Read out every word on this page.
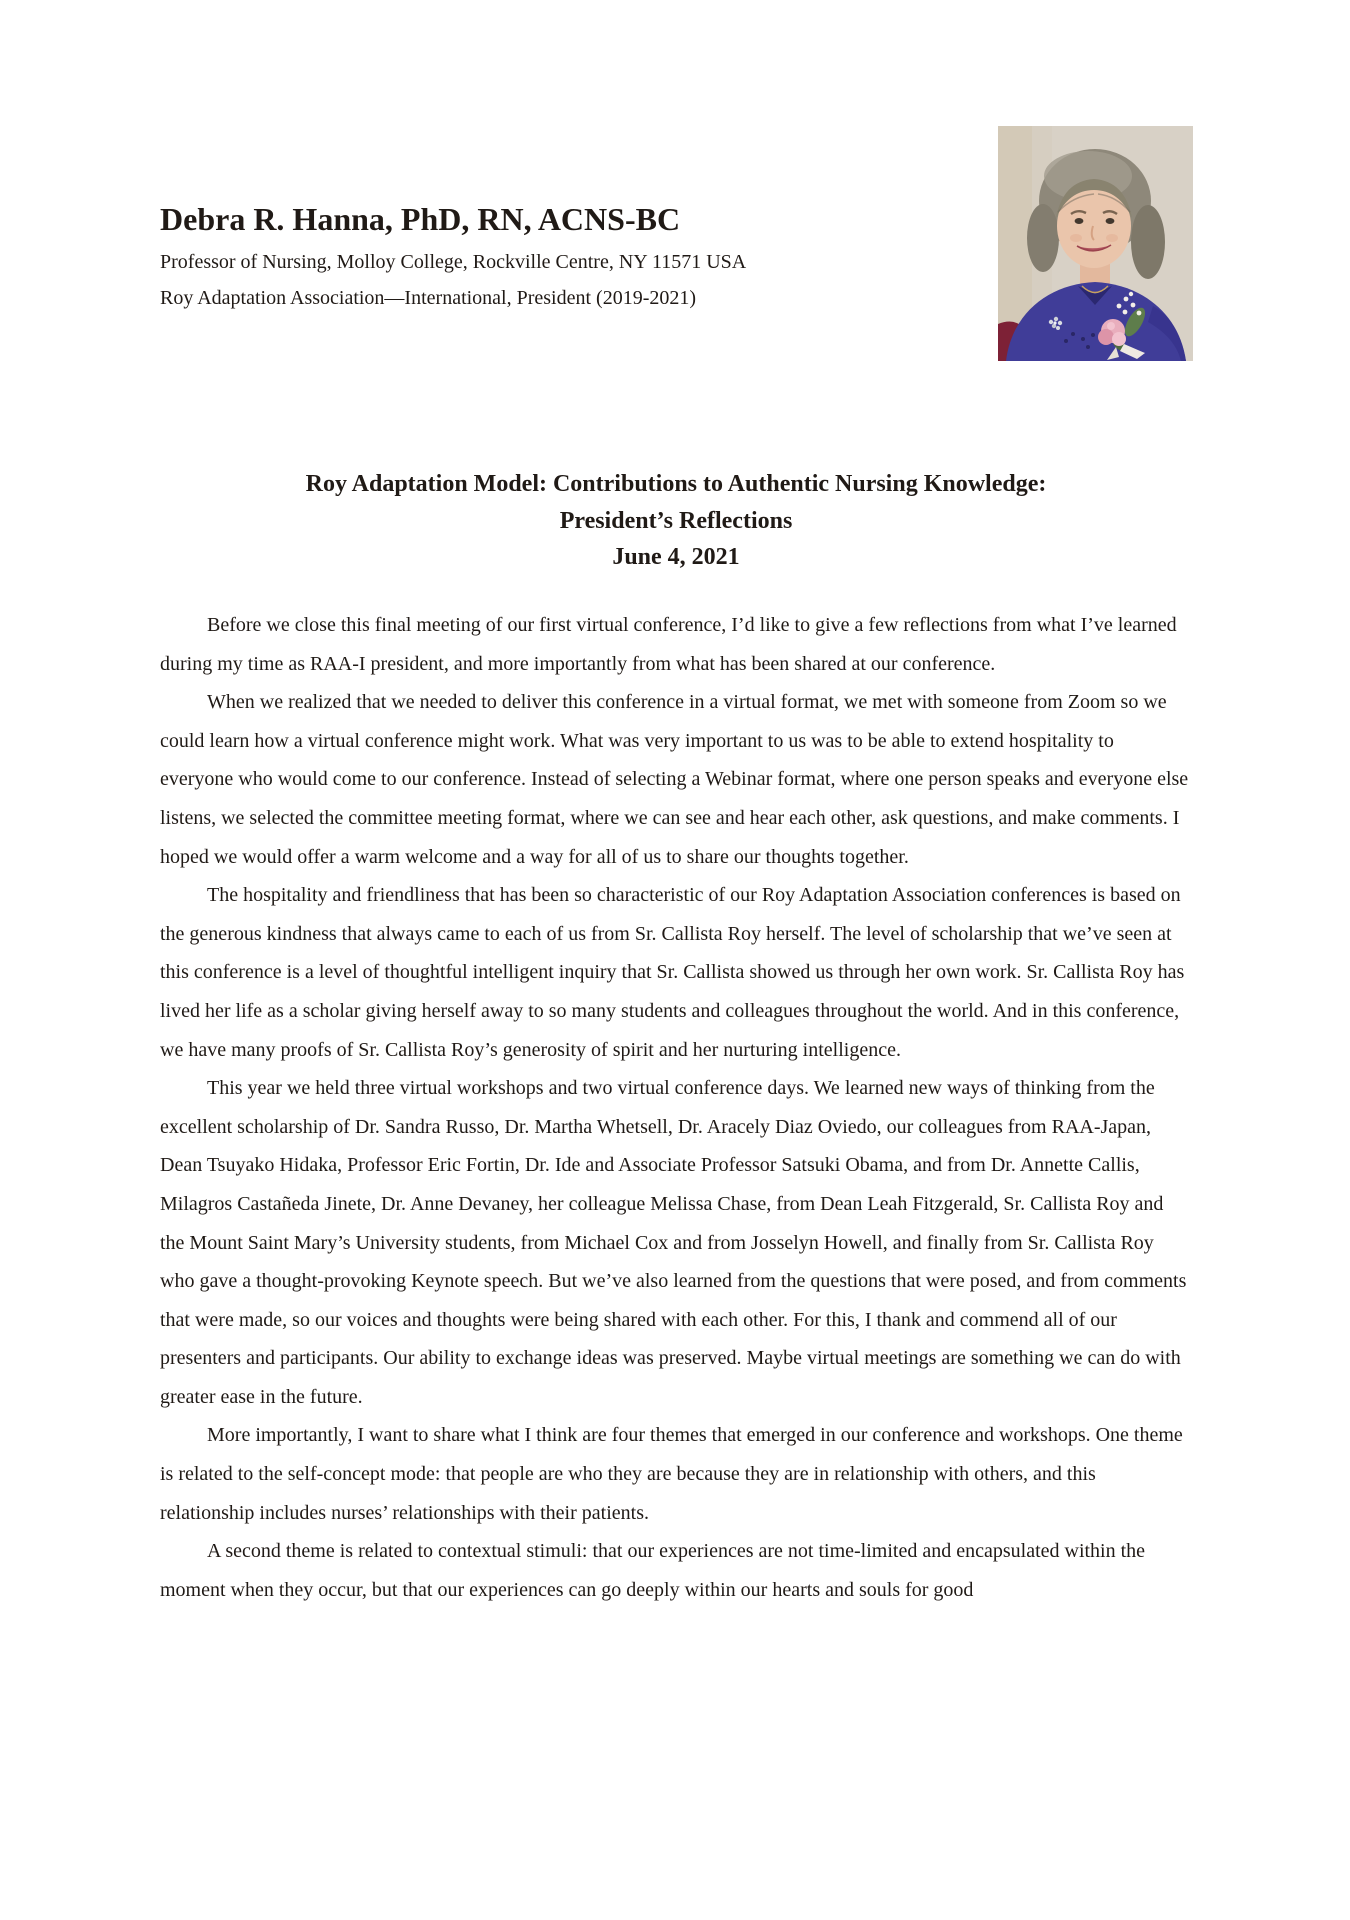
Debra R. Hanna, PhD, RN, ACNS-BC

Professor of Nursing, Molloy College, Rockville Centre, NY 11571 USA

Roy Adaptation Association—International, President (2019-2021)

Roy Adaptation Model: Contributions to Authentic Nursing Knowledge:
President’s Reflections
June 4, 2021

Before we close this final meeting of our first virtual conference, I’d like to give a few reflections from what I’ve learned during my time as RAA-I president, and more importantly from what has been shared at our conference.

When we realized that we needed to deliver this conference in a virtual format, we met with someone from Zoom so we could learn how a virtual conference might work. What was very important to us was to be able to extend hospitality to everyone who would come to our conference. Instead of selecting a Webinar format, where one person speaks and everyone else listens, we selected the committee meeting format, where we can see and hear each other, ask questions, and make comments. I hoped we would offer a warm welcome and a way for all of us to share our thoughts together.

The hospitality and friendliness that has been so characteristic of our Roy Adaptation Association conferences is based on the generous kindness that always came to each of us from Sr. Callista Roy herself. The level of scholarship that we’ve seen at this conference is a level of thoughtful intelligent inquiry that Sr. Callista showed us through her own work. Sr. Callista Roy has lived her life as a scholar giving herself away to so many students and colleagues throughout the world. And in this conference, we have many proofs of Sr. Callista Roy’s generosity of spirit and her nurturing intelligence.

This year we held three virtual workshops and two virtual conference days. We learned new ways of thinking from the excellent scholarship of Dr. Sandra Russo, Dr. Martha Whetsell, Dr. Aracely Diaz Oviedo, our colleagues from RAA-Japan, Dean Tsuyako Hidaka, Professor Eric Fortin, Dr. Ide and Associate Professor Satsuki Obama, and from Dr. Annette Callis, Milagros Castañeda Jinete, Dr. Anne Devaney, her colleague Melissa Chase, from Dean Leah Fitzgerald, Sr. Callista Roy and the Mount Saint Mary’s University students, from Michael Cox and from Josselyn Howell, and finally from Sr. Callista Roy who gave a thought-provoking Keynote speech. But we’ve also learned from the questions that were posed, and from comments that were made, so our voices and thoughts were being shared with each other. For this, I thank and commend all of our presenters and participants. Our ability to exchange ideas was preserved. Maybe virtual meetings are something we can do with greater ease in the future.

More importantly, I want to share what I think are four themes that emerged in our conference and workshops. One theme is related to the self-concept mode: that people are who they are because they are in relationship with others, and this relationship includes nurses’ relationships with their patients.

A second theme is related to contextual stimuli: that our experiences are not time-limited and encapsulated within the moment when they occur, but that our experiences can go deeply within our hearts and souls for good
